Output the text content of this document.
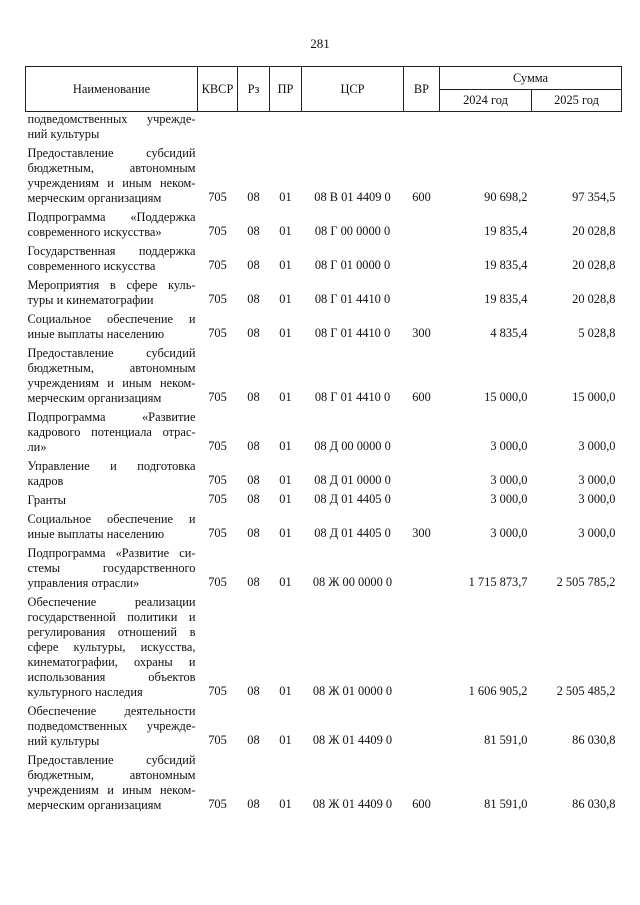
281
Наименование	КВСР	Рз	ПР	ЦСР	ВР	Сумма	
						2024 год	2025 год
подведомственных учрежде-ний культуры							
Предоставление субсидий бюджетным, автономным учреждениям и иным неком-мерческим организациям	705	08	01	08 В 01 4409 0	600	90 698,2	97 354,5
Подпрограмма «Поддержка современного искусства»	705	08	01	08 Г 00 0000 0		19 835,4	20 028,8
Государственная поддержка современного искусства	705	08	01	08 Г 01 0000 0		19 835,4	20 028,8
Мероприятия в сфере куль-туры и кинематографии	705	08	01	08 Г 01 4410 0		19 835,4	20 028,8
Социальное обеспечение и иные выплаты населению	705	08	01	08 Г 01 4410 0	300	4 835,4	5 028,8
Предоставление субсидий бюджетным, автономным учреждениям и иным неком-мерческим организациям	705	08	01	08 Г 01 4410 0	600	15 000,0	15 000,0
Подпрограмма «Развитие кадрового потенциала отрас-ли»	705	08	01	08 Д 00 0000 0		3 000,0	3 000,0
Управление и подготовка кадров	705	08	01	08 Д 01 0000 0		3 000,0	3 000,0
Гранты	705	08	01	08 Д 01 4405 0		3 000,0	3 000,0
Социальное обеспечение и иные выплаты населению	705	08	01	08 Д 01 4405 0	300	3 000,0	3 000,0
Подпрограмма «Развитие си-стемы государственного управления отрасли»	705	08	01	08 Ж 00 0000 0		1 715 873,7	2 505 785,2
Обеспечение реализации государственной политики и регулирования отношений в сфере культуры, искусства, кинематографии, охраны и использования объектов культурного наследия	705	08	01	08 Ж 01 0000 0		1 606 905,2	2 505 485,2
Обеспечение деятельности подведомственных учрежде-ний культуры	705	08	01	08 Ж 01 4409 0		81 591,0	86 030,8
Предоставление субсидий бюджетным, автономным учреждениям и иным неком-мерческим организациям	705	08	01	08 Ж 01 4409 0	600	81 591,0	86 030,8
